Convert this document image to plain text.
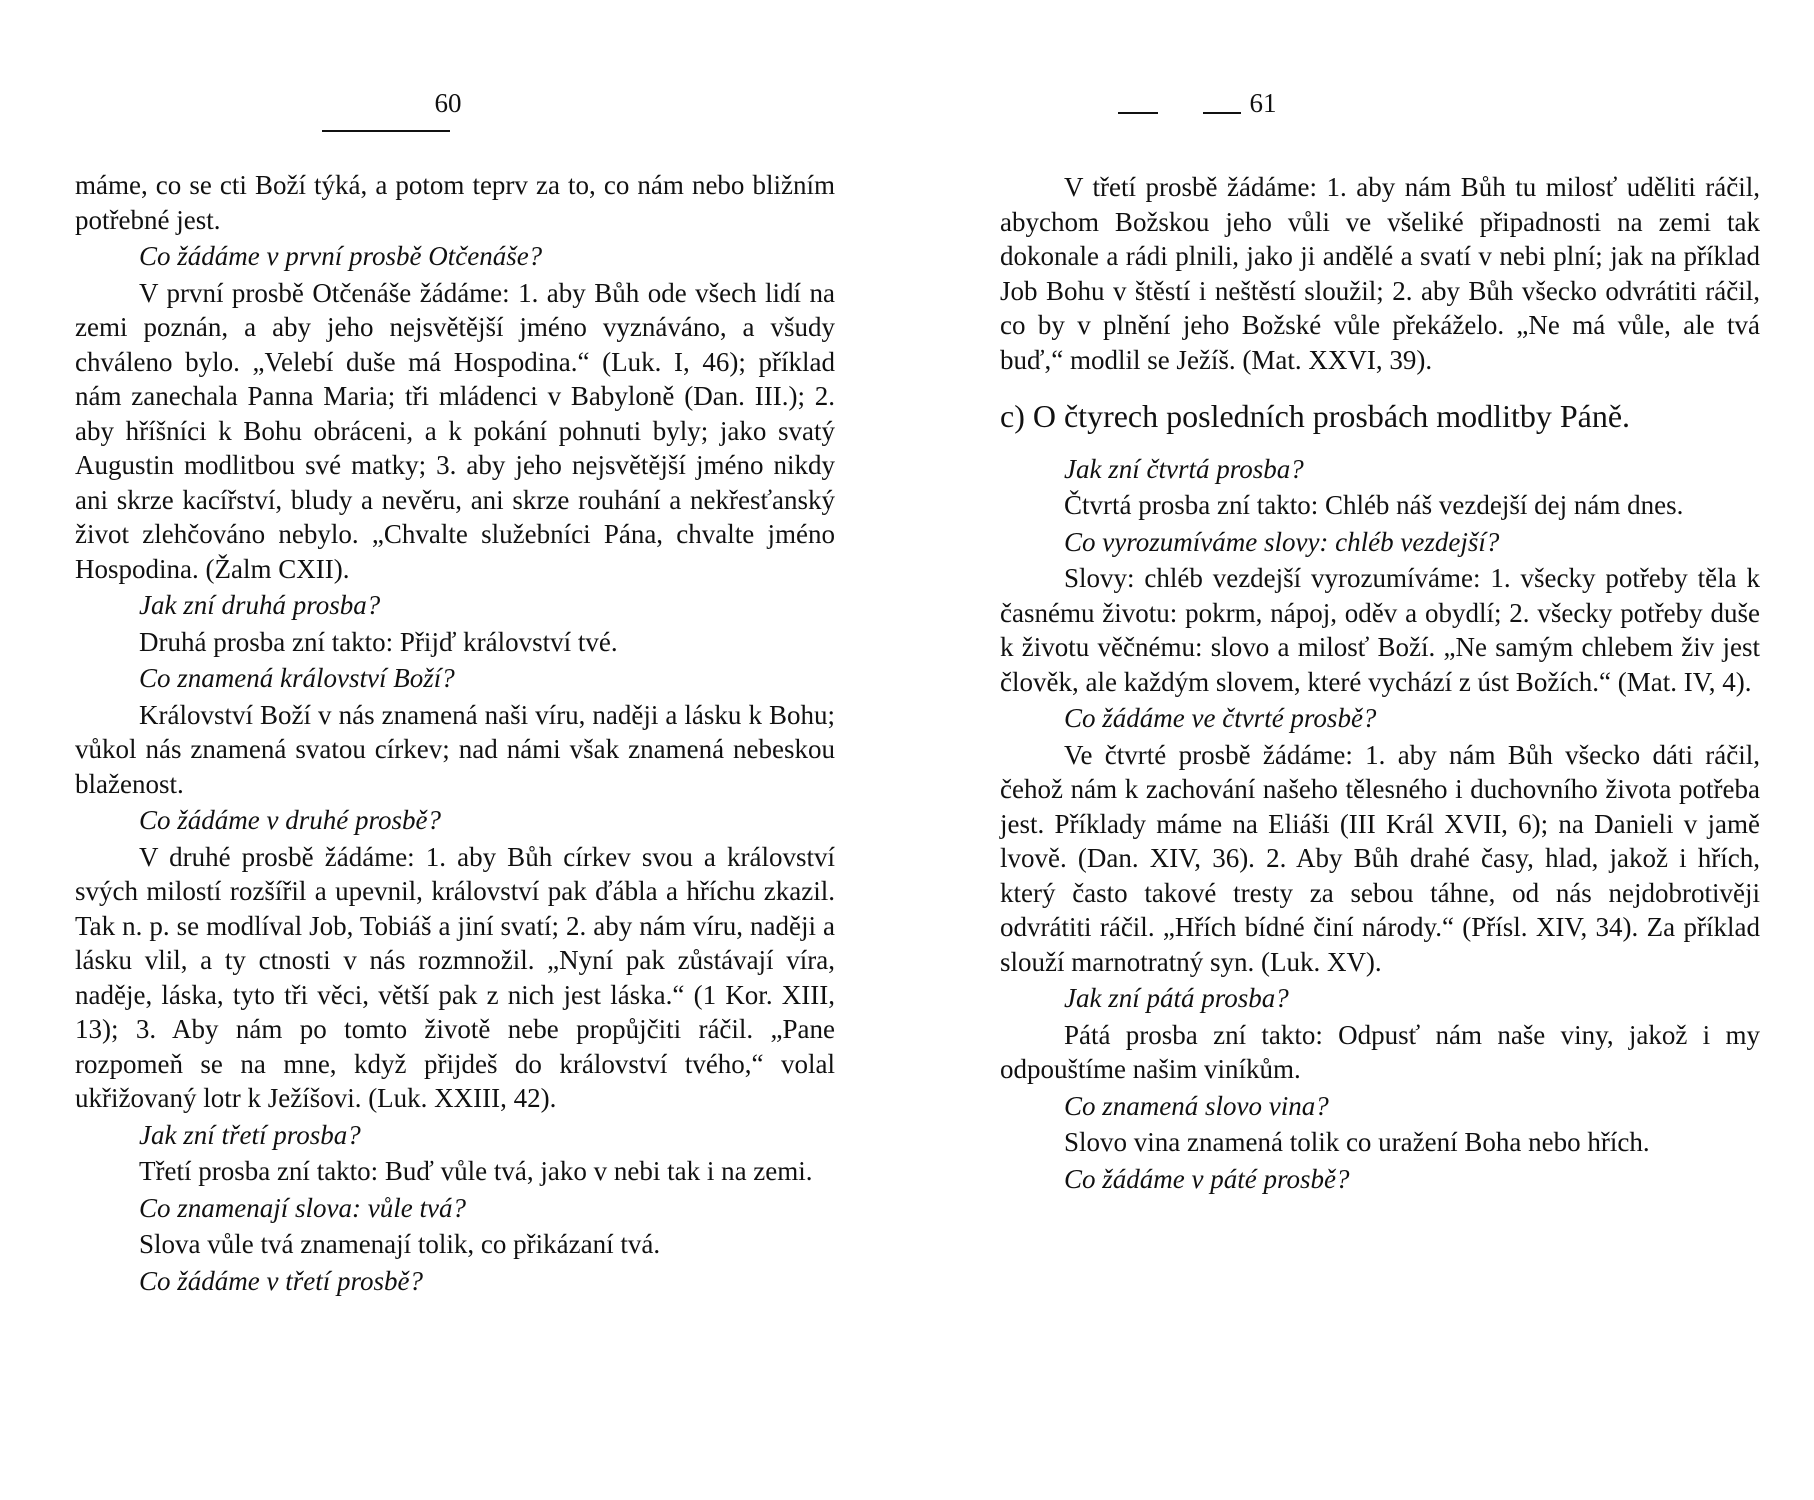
60

máme, co se cti Boží týká, a potom teprv za to, co nám nebo bližním potřebné jest.

Co žádáme v první prosbě Otčenáše?

V první prosbě Otčenáše žádáme: 1. aby Bůh ode všech lidí na zemi poznán, a aby jeho nejsvětější jméno vyznáváno, a všudy chváleno bylo. „Velebí duše má Hospodina.“ (Luk. I, 46); příklad nám zanechala Panna Maria; tři mládenci v Babyloně (Dan. III.); 2. aby hříšníci k Bohu obráceni, a k pokání pohnuti byly; jako svatý Augustin modlitbou své matky; 3. aby jeho nejsvětější jméno nikdy ani skrze kacířství, bludy a nevěru, ani skrze rouhání a nekřesťanský život zlehčováno nebylo. „Chvalte služebníci Pána, chvalte jméno Hospodina. (Žalm CXII).

Jak zní druhá prosba?

Druhá prosba zní takto: Přijď království tvé.

Co znamená království Boží?

Království Boží v nás znamená naši víru, naději a lásku k Bohu; vůkol nás znamená svatou církev; nad námi však znamená nebeskou blaženost.

Co žádáme v druhé prosbě?

V druhé prosbě žádáme: 1. aby Bůh církev svou a království svých milostí rozšířil a upevnil, království pak ďábla a hříchu zkazil. Tak n. p. se modlíval Job, Tobiáš a jiní svatí; 2. aby nám víru, naději a lásku vlil, a ty ctnosti v nás rozmnožil. „Nyní pak zůstávají víra, naděje, láska, tyto tři věci, větší pak z nich jest láska.“ (1 Kor. XIII, 13); 3. Aby nám po tomto životě nebe propůjčiti ráčil. „Pane rozpomeň se na mne, když přijdeš do království tvého,“ volal ukřižovaný lotr k Ježíšovi. (Luk. XXIII, 42).

Jak zní třetí prosba?

Třetí prosba zní takto: Buď vůle tvá, jako v nebi tak i na zemi.

Co znamenají slova: vůle tvá?

Slova vůle tvá znamenají tolik, co přikázaní tvá.

Co žádáme v třetí prosbě?

61

V třetí prosbě žádáme: 1. aby nám Bůh tu milosť uděliti ráčil, abychom Božskou jeho vůli ve všeliké připadnosti na zemi tak dokonale a rádi plnili, jako ji andělé a svatí v nebi plní; jak na příklad Job Bohu v štěstí i neštěstí sloužil; 2. aby Bůh všecko odvrátiti ráčil, co by v plnění jeho Božské vůle překáželo. „Ne má vůle, ale tvá buď,“ modlil se Ježíš. (Mat. XXVI, 39).

c) O čtyrech posledních prosbách modlitby Páně.

Jak zní čtvrtá prosba?

Čtvrtá prosba zní takto: Chléb náš vezdejší dej nám dnes.

Co vyrozumíváme slovy: chléb vezdejší?

Slovy: chléb vezdejší vyrozumíváme: 1. všecky potřeby těla k časnému životu: pokrm, nápoj, oděv a obydlí; 2. všecky potřeby duše k životu věčnému: slovo a milosť Boží. „Ne samým chlebem živ jest člověk, ale každým slovem, které vychází z úst Božích.“ (Mat. IV, 4).

Co žádáme ve čtvrté prosbě?

Ve čtvrté prosbě žádáme: 1. aby nám Bůh všecko dáti ráčil, čehož nám k zachování našeho tělesného i duchovního života potřeba jest. Příklady máme na Eliáši (III Král XVII, 6); na Danieli v jamě lvově. (Dan. XIV, 36). 2. Aby Bůh drahé časy, hlad, jakož i hřích, který často takové tresty za sebou táhne, od nás nejdobrotivěji odvrátiti ráčil. „Hřích bídné činí národy.“ (Přísl. XIV, 34). Za příklad slouží marnotratný syn. (Luk. XV).

Jak zní pátá prosba?

Pátá prosba zní takto: Odpusť nám naše viny, jakož i my odpouštíme našim viníkům.

Co znamená slovo vina?

Slovo vina znamená tolik co uražení Boha nebo hřích.

Co žádáme v páté prosbě?
